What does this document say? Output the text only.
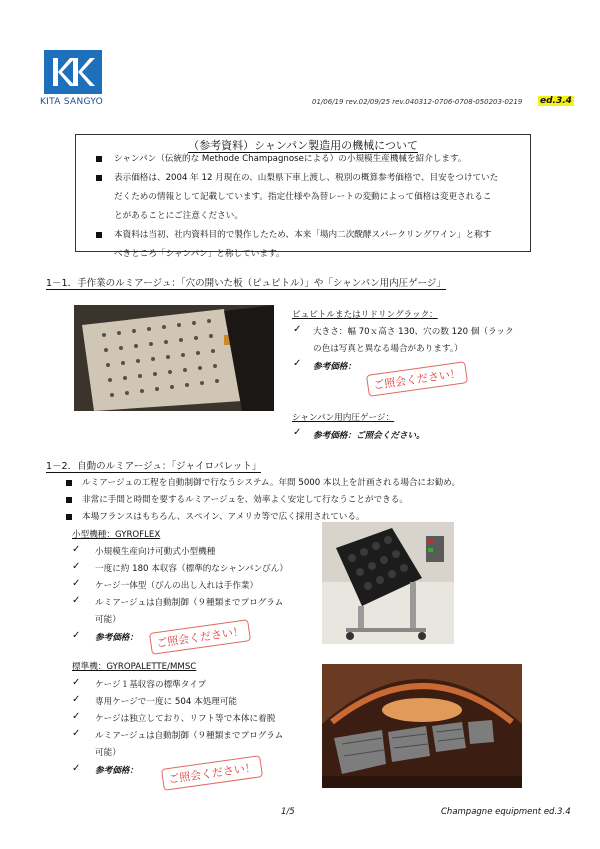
KITA SANGYO	01/06/19 rev.02/09/25 rev.040312-0706-0708-050203-0219 ed.3.4
（参考資料）シャンパン製造用の機械について
シャンパン（伝統的な Methode Champagnoseによる）の小規模生産機械を紹介します。
表示価格は、2004 年 12 月現在の、山梨県下車上渡し、税別の概算参考価格で、目安をつけていた
だくための情報として記載しています。指定仕様や為替レートの変動によって価格は変更されるこ
とがあることにご注意ください。
本資料は当初、社内資料目的で製作したため、本来「場内二次醗酵スパークリングワイン」と称す
べきところ「シャンパン」と称しています。
1－1．手作業のルミアージュ：「穴の開いた板（ピュピトル）」や「シャンパン用内圧ゲージ」
ピュピトルまたはリドリングラック：
✓ 大きさ：幅 70ｘ高さ 130、穴の数 120 個（ラック
の色は写真と異なる場合があります。）
✓ 参考価格：	ご照会ください！
シャンパン用内圧ゲージ：
✓ 参考価格：ご照会ください。
1－2．自動のルミアージュ：「ジャイロパレット」
ルミアージュの工程を自動制御で行なうシステム。年間 5000 本以上を計画される場合にお勧め。
非常に手間と時間を要するルミアージュを、効率よく安定して行なうことができる。
本場フランスはもちろん、スペイン、アメリカ等で広く採用されている。
小型機種：GYROFLEX
✓ 小規模生産向け可動式小型機種
✓ 一度に約 180 本収容（標準的なシャンパンびん）
✓ ケージ一体型（びんの出し入れは手作業）
✓ ルミアージュは自動制御（９種類までプログラム
可能）
✓ 参考価格：	ご照会ください！
標準機：GYROPALETTE/MMSC
✓ ケージ１基収容の標準タイプ
✓ 専用ケージで一度に 504 本処理可能
✓ ケージは独立しており、リフト等で本体に着脱
✓ ルミアージュは自動制御（９種類までプログラム
可能）
✓ 参考価格：	ご照会ください！
1/5	Champagne equipment ed.3.4
